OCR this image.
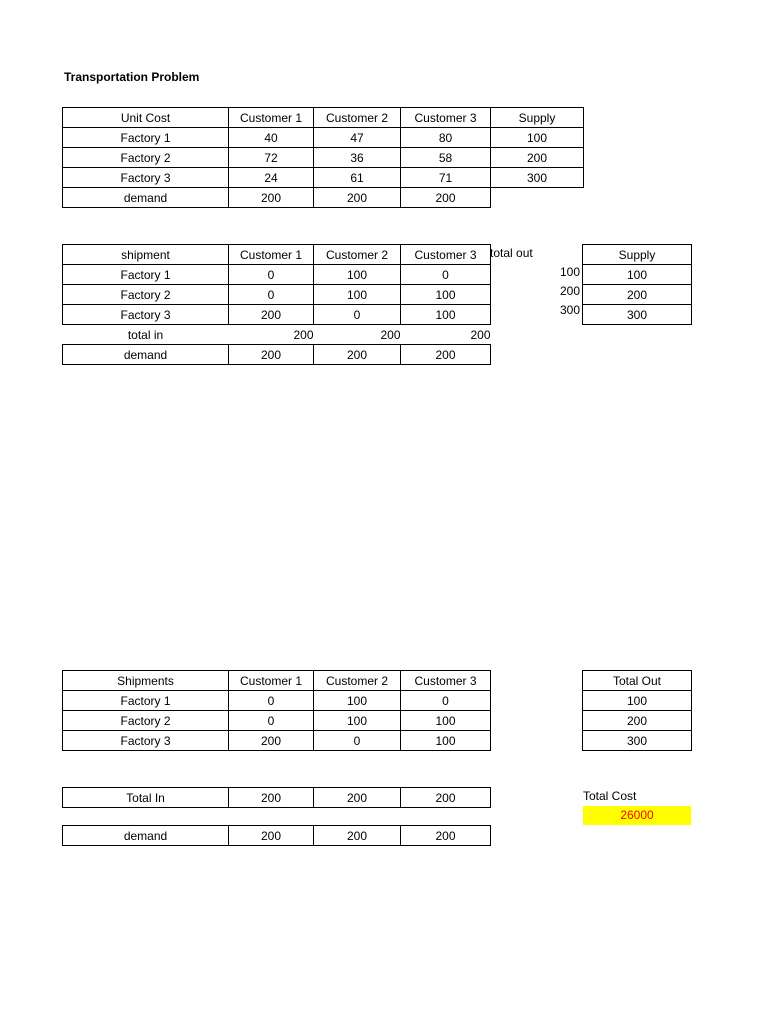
Transportation Problem
Unit Cost	Customer 1	Customer 2	Customer 3	Supply
Factory 1	40	47	80	100
Factory 2	72	36	58	200
Factory 3	24	61	71	300
demand	200	200	200	
shipment	Customer 1	Customer 2	Customer 3
Factory 1	0	100	0
Factory 2	0	100	100
Factory 3	200	0	100
total in	200	200	200
demand	200	200	200
total out
100
200
300
Supply
100
200
300
Shipments	Customer 1	Customer 2	Customer 3
Factory 1	0	100	0
Factory 2	0	100	100
Factory 3	200	0	100
Total Out
100
200
300
Total In	200	200	200
demand	200	200	200
Total Cost
26000
